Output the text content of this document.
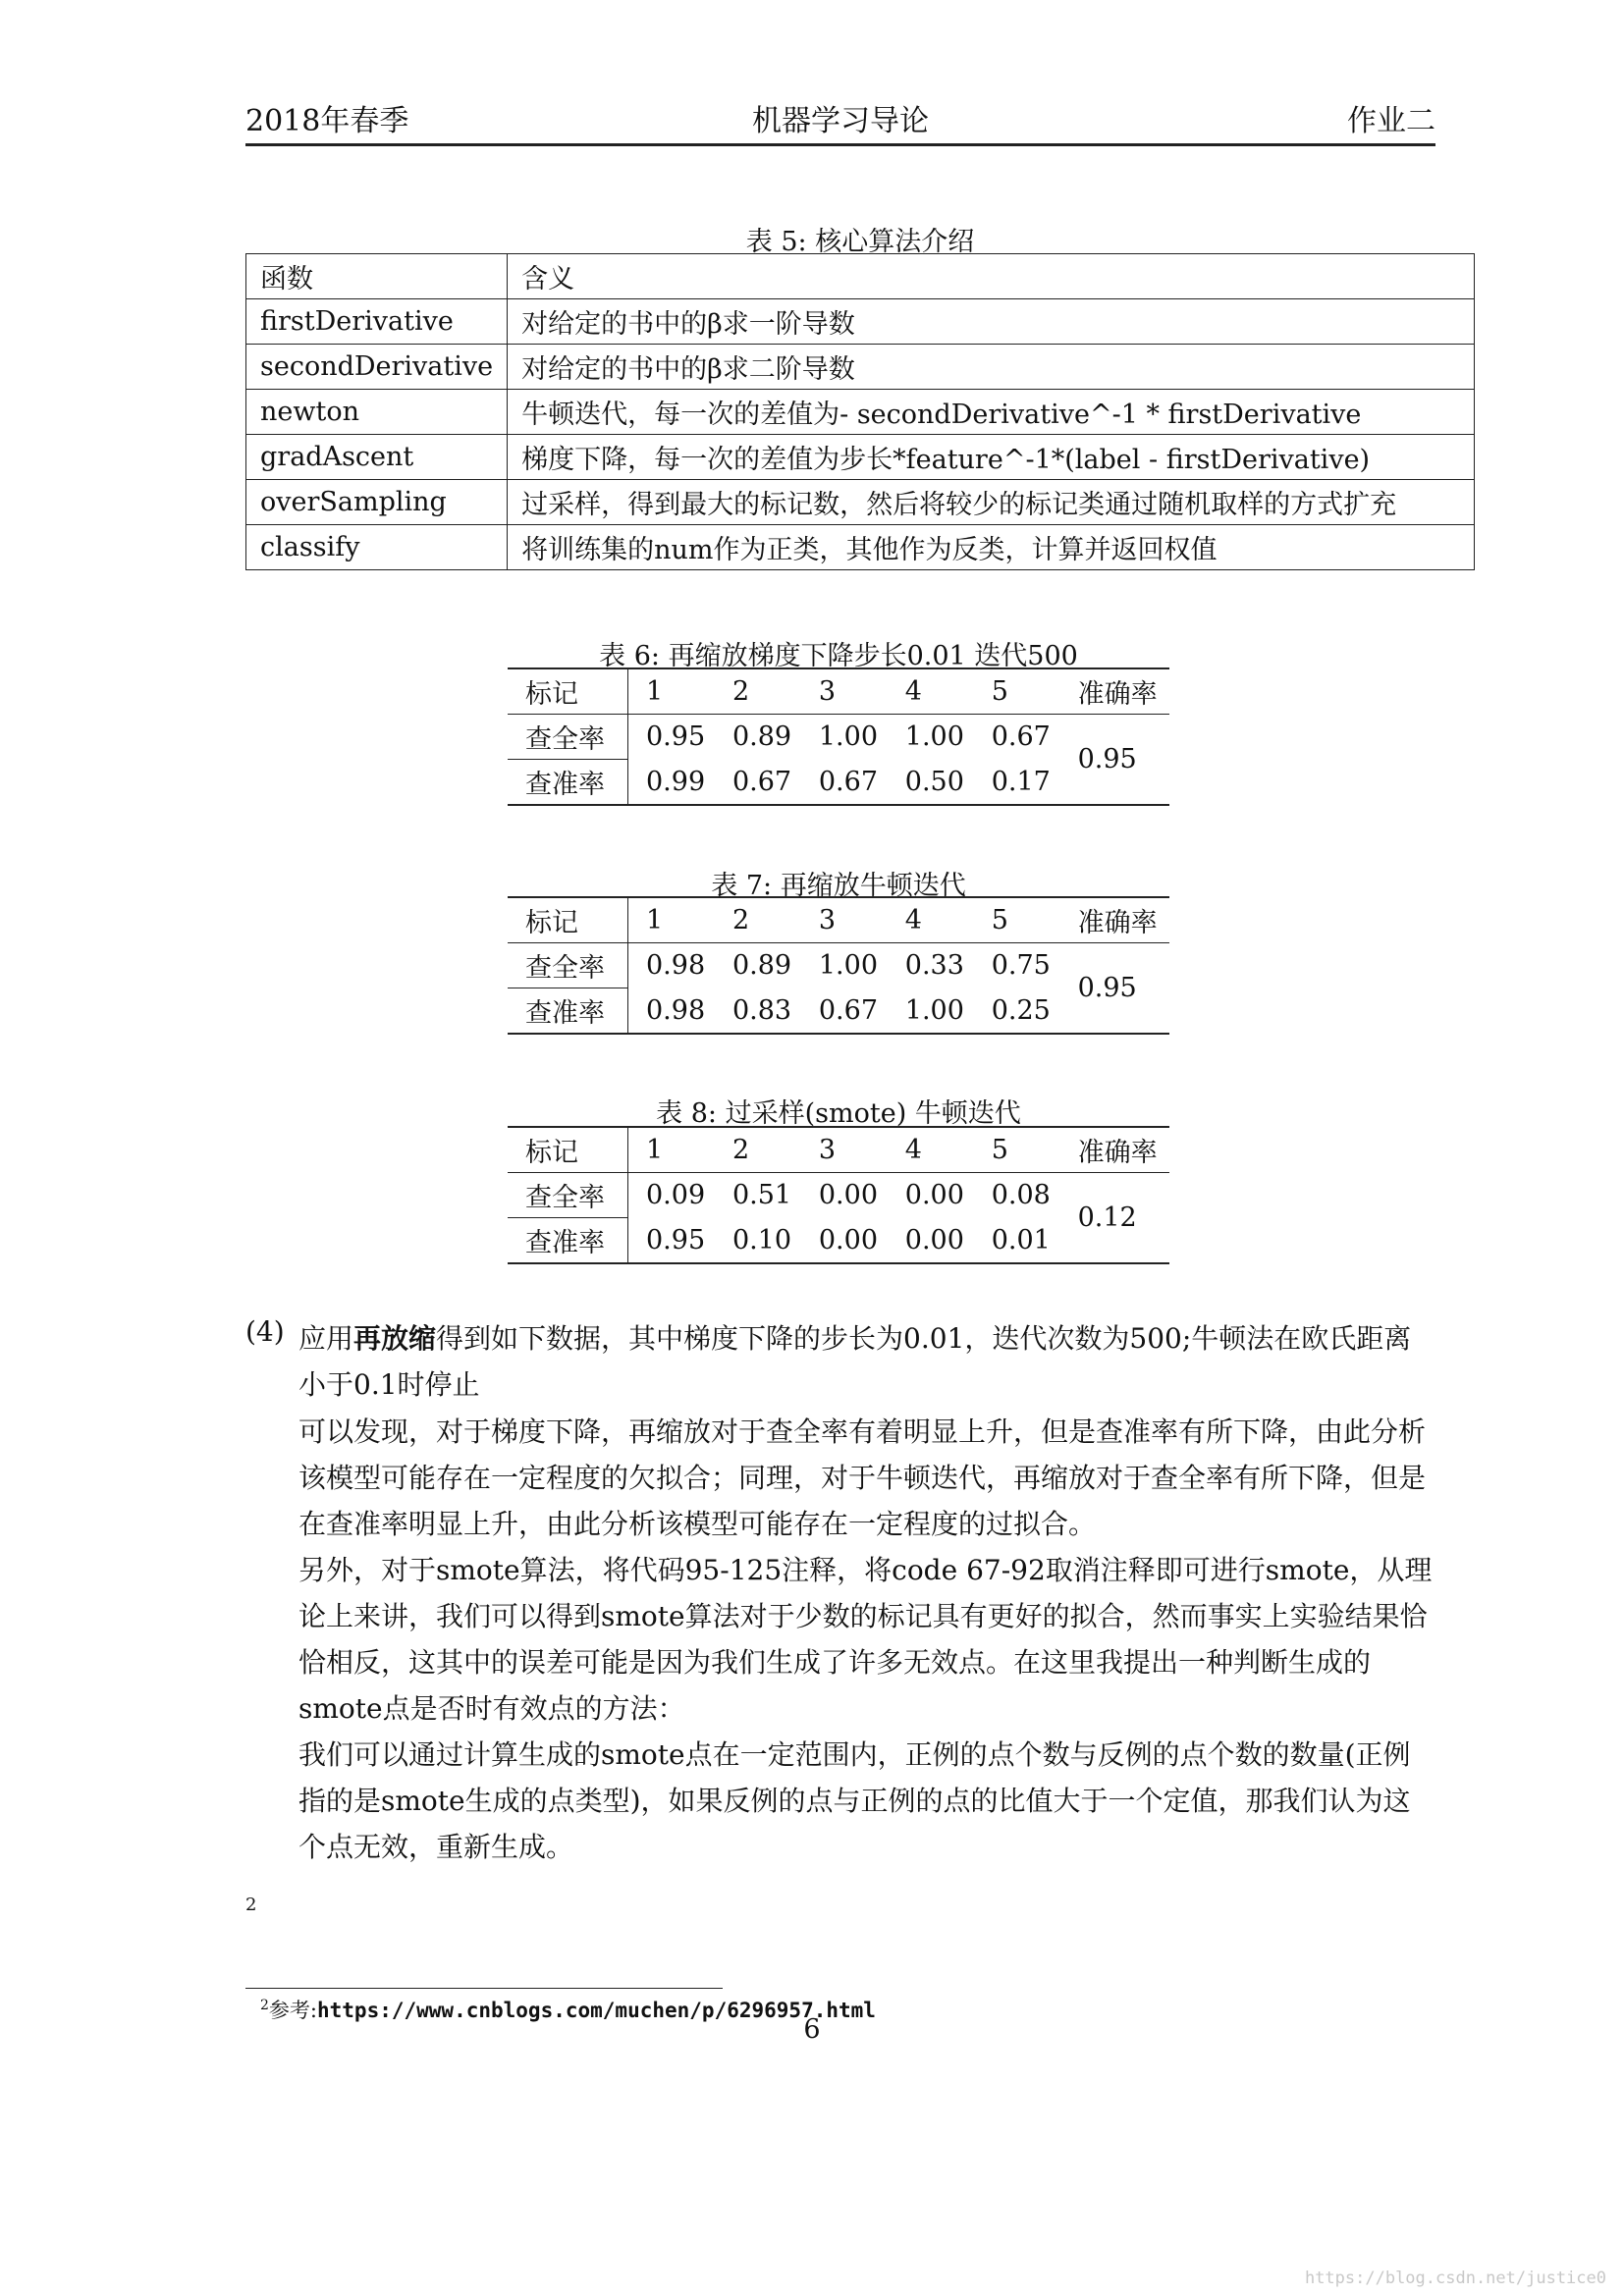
2018年春季	机器学习导论	作业二
表 5: 核心算法介绍
函数	含义
firstDerivative	对给定的书中的β求一阶导数
secondDerivative	对给定的书中的β求二阶导数
newton	牛顿迭代，每一次的差值为- secondDerivative^-1 * firstDerivative
gradAscent	梯度下降，每一次的差值为步长*feature^-1*(label - firstDerivative)
overSampling	过采样，得到最大的标记数，然后将较少的标记类通过随机取样的方式扩充
classify	将训练集的num作为正类，其他作为反类，计算并返回权值
表 6: 再缩放梯度下降步长0.01 迭代500
标记	1	2	3	4	5	准确率
查全率	0.95	0.89	1.00	1.00	0.67	0.95
查准率	0.99	0.67	0.67	0.50	0.17	
表 7: 再缩放牛顿迭代
标记	1	2	3	4	5	准确率
查全率	0.98	0.89	1.00	0.33	0.75	0.95
查准率	0.98	0.83	0.67	1.00	0.25	
表 8: 过采样(smote) 牛顿迭代
标记	1	2	3	4	5	准确率
查全率	0.09	0.51	0.00	0.00	0.08	0.12
查准率	0.95	0.10	0.00	0.00	0.01	
(4) 应用再放缩得到如下数据，其中梯度下降的步长为0.01，迭代次数为500;牛顿法在欧氏距离小于0.1时停止

可以发现，对于梯度下降，再缩放对于查全率有着明显上升，但是查准率有所下降，由此分析该模型可能存在一定程度的欠拟合；同理，对于牛顿迭代，再缩放对于查全率有所下降，但是在查准率明显上升，由此分析该模型可能存在一定程度的过拟合。

另外，对于smote算法，将代码95-125注释，将code 67-92取消注释即可进行smote，从理论上来讲，我们可以得到smote算法对于少数的标记具有更好的拟合，然而事实上实验结果恰恰相反，这其中的误差可能是因为我们生成了许多无效点。在这里我提出一种判断生成的smote点是否时有效点的方法：

我们可以通过计算生成的smote点在一定范围内，正例的点个数与反例的点个数的数量(正例指的是smote生成的点类型)，如果反例的点与正例的点的比值大于一个定值，那我们认为这个点无效，重新生成。

2
$^2$参考:https://www.cnblogs.com/muchen/p/6296957.html
6
https://blog.csdn.net/justice0
